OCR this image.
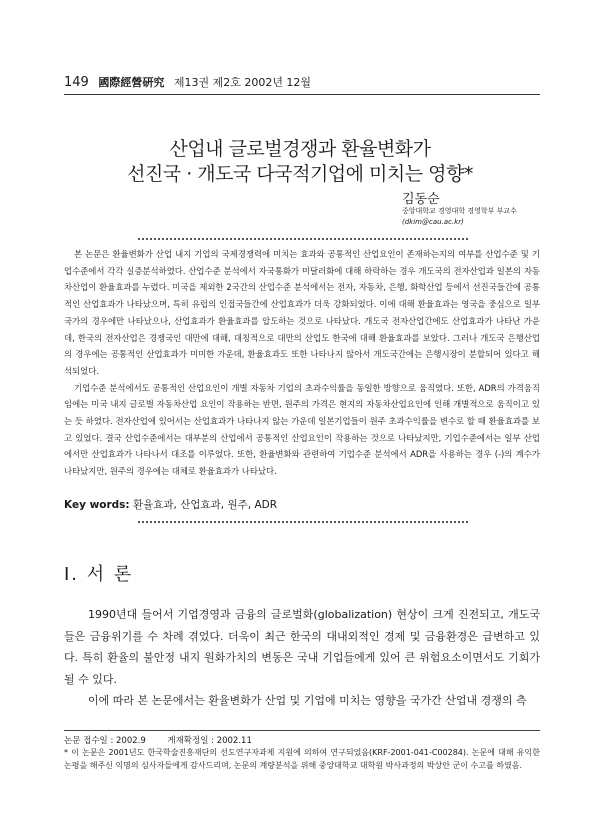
149 國際經營硏究 제13권 제2호 2002년 12월
산업내 글로벌경쟁과 환율변화가
선진국 · 개도국 다국적기업에 미치는 영향*
김동순
중앙대학교 경영대학 경영학부 부교수
(dkim@cau.ac.kr)

본 논문은 환율변화가 산업 내지 기업의 국제경쟁력에 미치는 효과와 공통적인 산업요인이 존재하는지의 여부를 산업수준 및 기업수준에서 각각 실증분석하였다. 산업수준 분석에서 자국통화가 미달러화에 대해 하락하는 경우 개도국의 전자산업과 일본의 자동차산업이 환율효과를 누렸다. 미국을 제외한 2국간의 산업수준 분석에서는 전자, 자동차, 은행, 화학산업 등에서 선진국들간에 공통적인 산업효과가 나타났으며, 특히 유럽의 인접국들간에 산업효과가 더욱 강화되었다. 이에 대해 환율효과는 영국을 중심으로 일부 국가의 경우에만 나타났으나, 산업효과가 환율효과를 압도하는 것으로 나타났다. 개도국 전자산업간에도 산업효과가 나타난 가운데, 한국의 전자산업은 경쟁국인 대만에 대해, 대칭적으로 대만의 산업도 한국에 대해 환율효과를 보았다. 그러나 개도국 은행산업의 경우에는 공통적인 산업효과가 미미한 가운데, 환율효과도 또한 나타나지 않아서 개도국간에는 은행시장이 분할되어 있다고 해석되었다.

기업수준 분석에서도 공통적인 산업요인이 개별 자동차 기업의 초과수익률을 동일한 방향으로 움직였다. 또한, ADR의 가격움직임에는 미국 내지 글로벌 자동차산업 요인이 작용하는 반면, 원주의 가격은 현지의 자동차산업요인에 인해 개별적으로 움직이고 있는 듯 하였다. 전자산업에 있어서는 산업효과가 나타나지 않는 가운데 일본기업들이 원주 초과수익률을 변수로 할 때 환율효과를 보고 있었다. 결국 산업수준에서는 대부분의 산업에서 공통적인 산업요인이 작용하는 것으로 나타났지만, 기업수준에서는 일부 산업에서만 산업효과가 나타나서 대조를 이루었다. 또한, 환율변화와 관련하여 기업수준 분석에서 ADR을 사용하는 경우 (-)의 계수가 나타났지만, 원주의 경우에는 대체로 환율효과가 나타났다.

Key words: 환율효과, 산업효과, 원주, ADR
Ⅰ. 서 론

1990년대 들어서 기업경영과 금융의 글로벌화(globalization) 현상이 크게 진전되고, 개도국들은 금융위기를 수 차례 겪었다. 더욱이 최근 한국의 대내외적인 경제 및 금융환경은 급변하고 있다. 특히 환율의 불안정 내지 원화가치의 변동은 국내 기업들에게 있어 큰 위험요소이면서도 기회가 될 수 있다.

이에 따라 본 논문에서는 환율변화가 산업 및 기업에 미치는 영향을 국가간 산업내 경쟁의 측

논문 접수일 : 2002.9        게재확정일 : 2002.11
* 이 논문은 2001년도 한국학술진흥재단의 선도연구자과제 지원에 의하여 연구되었음(KRF-2001-041-C00284). 논문에 대해 유익한 논평을 해주신 익명의 심사자들에게 감사드리며, 논문의 계량분석을 위해 중앙대학교 대학원 박사과정의 박상안 군이 수고를 하였음.
